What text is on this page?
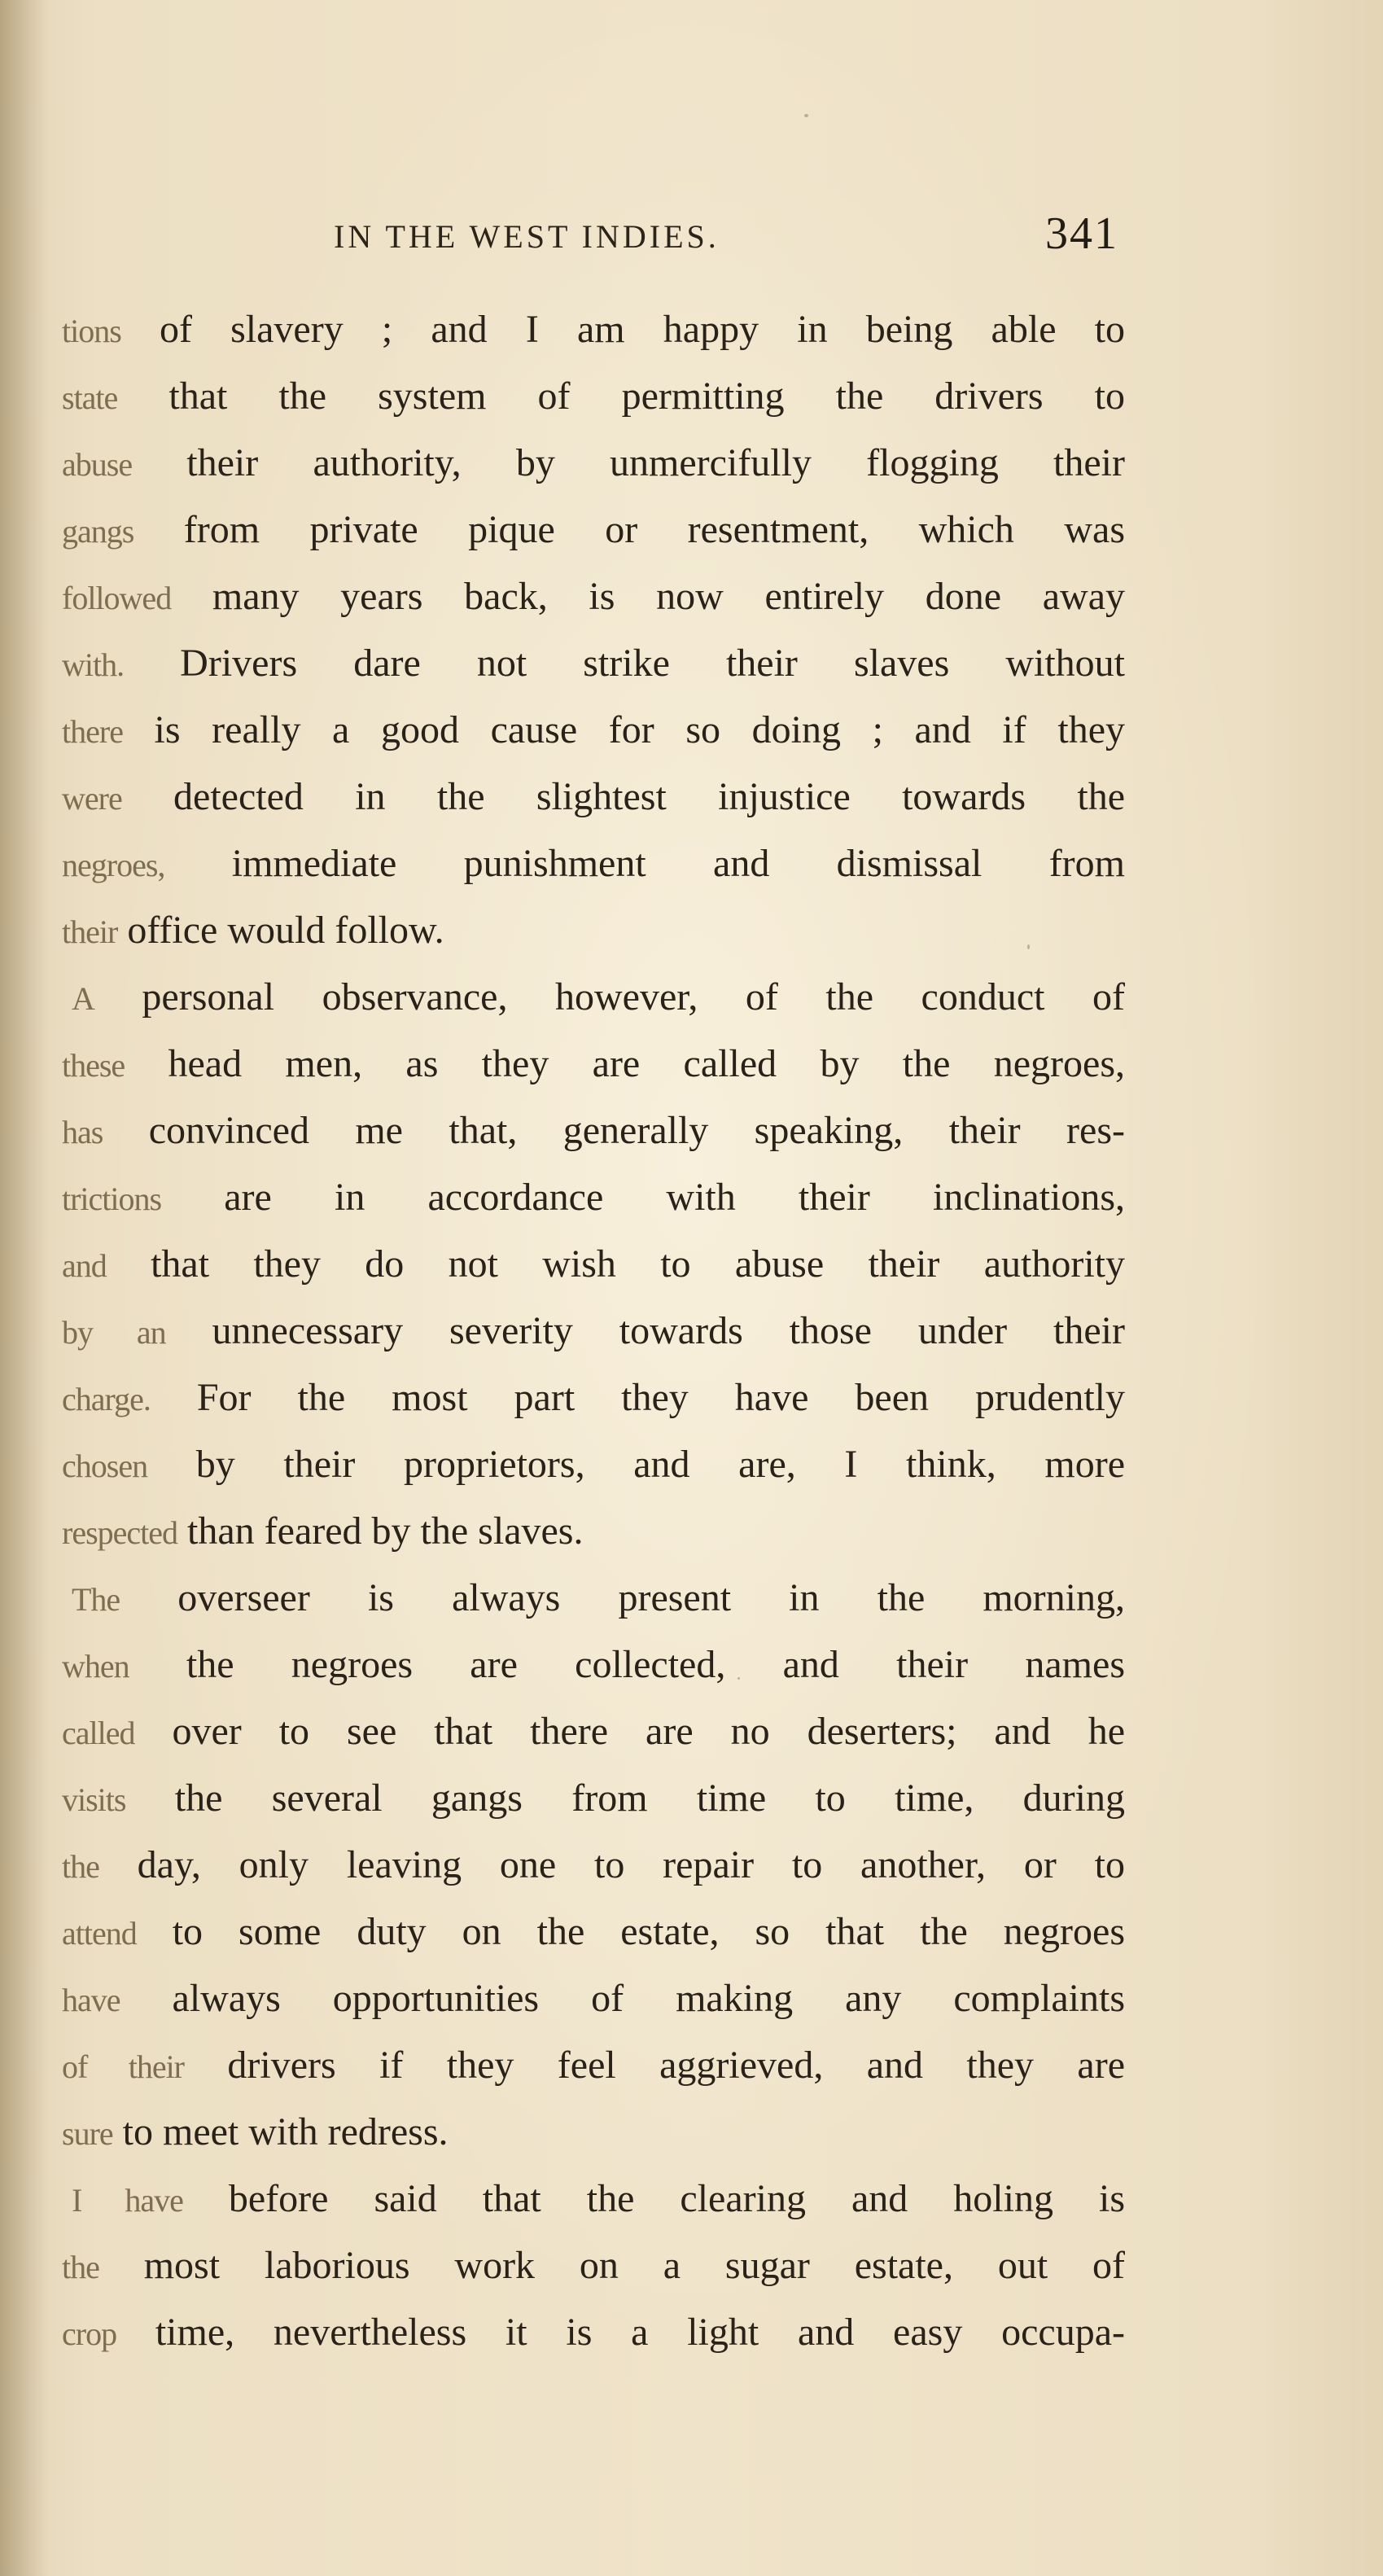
IN THE WEST INDIES.	341
tions of slavery ; and I am happy in being able to
state that the system of permitting the drivers to
abuse their authority, by unmercifully flogging their
gangs from private pique or resentment, which was
followed many years back, is now entirely done away
with. Drivers dare not strike their slaves without
there is really a good cause for so doing ; and if they
were detected in the slightest injustice towards the
negroes, immediate punishment and dismissal from
their office would follow.
A personal observance, however, of the conduct of
these head men, as they are called by the negroes,
has convinced me that, generally speaking, their res-
trictions are in accordance with their inclinations,
and that they do not wish to abuse their authority
by an unnecessary severity towards those under their
charge. For the most part they have been prudently
chosen by their proprietors, and are, I think, more
respected than feared by the slaves.
The overseer is always present in the morning,
when the negroes are collected, and their names
called over to see that there are no deserters; and he
visits the several gangs from time to time, during
the day, only leaving one to repair to another, or to
attend to some duty on the estate, so that the negroes
have always opportunities of making any complaints
of their drivers if they feel aggrieved, and they are
sure to meet with redress.
I have before said that the clearing and holing is
the most laborious work on a sugar estate, out of
crop time, nevertheless it is a light and easy occupa-
